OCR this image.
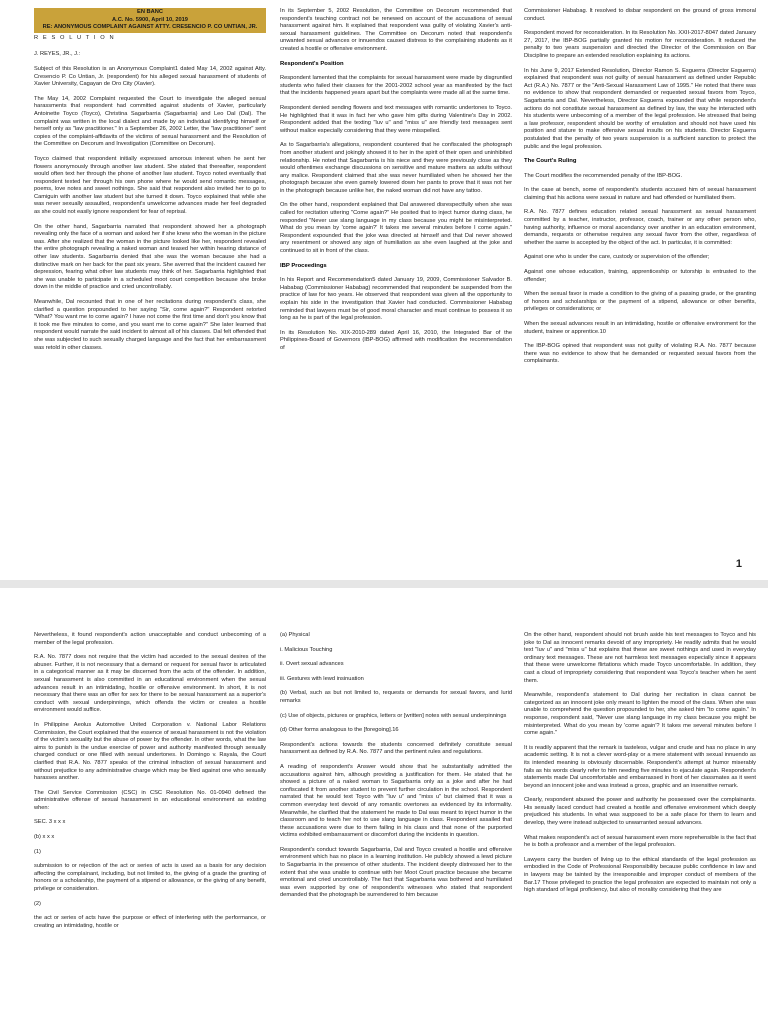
EN BANC
A.C. No. 5900, April 10, 2019
RE: ANONYMOUS COMPLAINT AGAINST ATTY. CRESENCIO P. CO UNTIAN, JR.
R E S O L U T I O N

J. REYES, JR., J.:

Subject of this Resolution is an Anonymous Complaint1 dated May 14, 2002 against Atty. Cresencio P. Co Untian, Jr. (respondent) for his alleged sexual harassment of students of Xavier University, Cagayan de Oro City (Xavier).

The May 14, 2002 Complaint requested the Court to investigate the alleged sexual harassments that respondent had committed against students of Xavier, particularly Antoinette Toyco (Toyco), Christina Sagarbarria (Sagarbarria) and Leo Dal (Dal). The complaint was written in the local dialect and made by an individual identifying himself or herself only as "law practitioner." In a September 26, 2002 Letter, the "law practitioner" sent copies of the complaint-affidavits of the victims of sexual harassment and the Resolution of the Committee on Decorum and Investigation (Committee on Decorum).

Toyco claimed that respondent initially expressed amorous interest when he sent her flowers anonymously through another law student. She stated that thereafter, respondent would often text her through the phone of another law student. Toyco noted eventually that respondent texted her through his own phone where he would send romantic messages, poems, love notes and sweet nothings. She said that respondent also invited her to go to Camiguin with another law student but she turned it down. Toyco explained that while she was never sexually assaulted, respondent's unwelcome advances made her feel degraded as she could not easily ignore respondent for fear of reprisal.

On the other hand, Sagarbarria narrated that respondent showed her a photograph revealing only the face of a woman and asked her if she knew who the woman in the picture was. After she realized that the woman in the picture looked like her, respondent revealed the entire photograph revealing a naked woman and teased her within hearing distance of other law students. Sagarbarria denied that she was the woman because she had a distinctive mark on her back for the past six years. She averred that the incident caused her depression, fearing what other law students may think of her. Sagarbarria highlighted that she was unable to participate in a scheduled moot court competition because she broke down in the middle of practice and cried uncontrollably.

Meanwhile, Dal recounted that in one of her recitations during respondent's class, she clarified a question propounded to her saying "Sir, come again?" Respondent retorted "What? You want me to come again? I have not come the first time and don't you know that it took me five minutes to come, and you want me to come again?" She later learned that respondent would narrate the said incident to almost all of his classes. Dal felt offended that she was subjected to such sexually charged language and the fact that her embarrassment was retold in other classes.

In its September 5, 2002 Resolution, the Committee on Decorum recommended that respondent's teaching contract not be renewed on account of the accusations of sexual harassment against him. It explained that respondent was guilty of violating Xavier's anti-sexual harassment guidelines. The Committee on Decorum noted that respondent's unwanted sexual advances or innuendos caused distress to the complaining students as it created a hostile or offensive environment.

Respondent's Position

Respondent lamented that the complaints for sexual harassment were made by disgruntled students who failed their classes for the 2001-2002 school year as manifested by the fact that the incidents happened years apart but the complaints were made all at the same time.

Respondent denied sending flowers and text messages with romantic undertones to Toyco. He highlighted that it was in fact her who gave him gifts during Valentine's Day in 2002. Respondent added that the texting "luv u" and "miss u" are friendly text messages sent without malice especially considering that they were misspelled.

As to Sagarbarria's allegations, respondent countered that he confiscated the photograph from another student and jokingly showed it to her in the spirit of their open and uninhibited relationship. He noted that Sagarbarria is his niece and they were previously close as they would oftentimes exchange discussions on sensitive and mature matters as adults without any malice. Respondent claimed that she was never humiliated when he showed her the photograph because she even gamely lowered down her pants to prove that it was not her in the photograph because unlike her, the naked woman did not have any tattoo.

On the other hand, respondent explained that Dal answered disrespectfully when she was called for recitation uttering "Come again?" He posited that to inject humor during class, he responded "Never use slang language in my class because you might be misinterpreted. What do you mean by 'come again?' It takes me several minutes before I come again." Respondent expounded that the joke was directed at himself and that Dal never showed any resentment or showed any sign of humiliation as she even laughed at the joke and continued to sit in front of the class.

IBP Proceedings

In his Report and Recommendation5 dated January 19, 2009, Commissioner Salvador B. Hababag (Commissioner Hababag) recommended that respondent be suspended from the practice of law for two years. He observed that respondent was given all the opportunity to explain his side in the investigation that Xavier had conducted. Commissioner Hababag reminded that lawyers must be of good moral character and must continue to possess it so long as he is part of the legal profession.

In its Resolution No. XIX-2010-289 dated April 16, 2010, the Integrated Bar of the Philippines-Board of Governors (IBP-BOG) affirmed with modification the recommendation of

Commissioner Hababag. It resolved to disbar respondent on the ground of gross immoral conduct.

Respondent moved for reconsideration. In its Resolution No. XXII-2017-8047 dated January 27, 2017, the IBP-BOG partially granted his motion for reconsideration. It reduced the penalty to two years suspension and directed the Director of the Commission on Bar Discipline to prepare an extended resolution explaining its actions.

In his June 9, 2017 Extended Resolution, Director Ramon S. Esguerra (Director Esguerra) explained that respondent was not guilty of sexual harassment as defined under Republic Act (R.A.) No. 7877 or the "Anti-Sexual Harassment Law of 1995." He noted that there was no evidence to show that respondent demanded or requested sexual favors from Toyco, Sagarbarria and Dal. Nevertheless, Director Esguerra expounded that while respondent's actions do not constitute sexual harassment as defined by law, the way he interacted with his students were unbecoming of a member of the legal profession. He stressed that being a law professor, respondent should be worthy of emulation and should not have used his position and stature to make offensive sexual insults on his students. Director Esguerra postulated that the penalty of two years suspension is a sufficient sanction to protect the public and the legal profession.

The Court's Ruling

The Court modifies the recommended penalty of the IBP-BOG.

In the case at bench, some of respondent's students accused him of sexual harassment claiming that his actions were sexual in nature and had offended or humiliated them.

R.A. No. 7877 defines education related sexual harassment as sexual harassment committed by a teacher, instructor, professor, coach, trainer or any other person who, having authority, influence or moral ascendancy over another in an education environment, demands, requests or otherwise requires any sexual favor from the other, regardless of whether the same is accepted by the object of the act. In particular, it is committed:

Against one who is under the care, custody or supervision of the offender;

Against one whose education, training, apprenticeship or tutorship is entrusted to the offender;

When the sexual favor is made a condition to the giving of a passing grade, or the granting of honors and scholarships or the payment of a stipend, allowance or other benefits, privileges or considerations; or

When the sexual advances result in an intimidating, hostile or offensive environment for the student, trainee or apprentice.10

The IBP-BOG opined that respondent was not guilty of violating R.A. No. 7877 because there was no evidence to show that he demanded or requested sexual favors from the complainants.

1

Nevertheless, it found respondent's action unacceptable and conduct unbecoming of a member of the legal profession.

R.A. No. 7877 does not require that the victim had acceded to the sexual desires of the abuser. Further, it is not necessary that a demand or request for sexual favor is articulated in a categorical manner as it may be discerned from the acts of the offender. In addition, sexual harassment is also committed in an educational environment when the sexual advances result in an intimidating, hostile or offensive environment. In short, it is not necessary that there was an offer for sex for there to be sexual harassment as a superior's conduct with sexual underpinnings, which offends the victim or creates a hostile environment would suffice.

In Philippine Aeolus Automotive United Corporation v. National Labor Relations Commission, the Court explained that the essence of sexual harassment is not the violation of the victim's sexuality but the abuse of power by the offender. In other words, what the law aims to punish is the undue exercise of power and authority manifested through sexually charged conduct or one filled with sexual undertones. In Domingo v. Rayala, the Court clarified that R.A. No. 7877 speaks of the criminal infraction of sexual harassment and without prejudice to any administrative charge which may be filed against one who sexually harasses another.

The Civil Service Commission (CSC) in CSC Resolution No. 01-0940 defined the administrative offense of sexual harassment in an educational environment as existing when:

SEC. 3 x x x

(b) x x x

(1)

submission to or rejection of the act or series of acts is used as a basis for any decision affecting the complainant, including, but not limited to, the giving of a grade the granting of honors or a scholarship, the payment of a stipend or allowance, or the giving of any benefit, privilege or consideration.

(2)

the act or series of acts have the purpose or effect of interfering with the performance, or creating an intimidating, hostile or

(a) Physical

i. Malicious Touching

ii. Overt sexual advances

iii. Gestures with lewd insinuation

(b) Verbal, such as but not limited to, requests or demands for sexual favors, and lurid remarks

(c) Use of objects, pictures or graphics, letters or [written] notes with sexual underpinnings

(d) Other forms analogous to the [foregoing].16

Respondent's actions towards the students concerned definitely constitute sexual harassment as defined by R.A. No. 7877 and the pertinent rules and regulations.

A reading of respondent's Answer would show that he substantially admitted the accusations against him, although providing a justification for them. He stated that he showed a picture of a naked woman to Sagarbarria only as a joke and after he had confiscated it from another student to prevent further circulation in the school. Respondent narrated that he would text Toyco with "luv u" and "miss u" but claimed that it was a common everyday text devoid of any romantic overtones as evidenced by its informality. Meanwhile, he clarified that the statement he made to Dal was meant to inject humor in the classroom and to teach her not to use slang language in class. Respondent assailed that these accusations were due to them failing in his class and that none of the purported victims exhibited embarrassment or discomfort during the incidents in question.

Respondent's conduct towards Sagarbarria, Dal and Toyco created a hostile and offensive environment which has no place in a learning institution. He publicly showed a lewd picture to Sagarbarria in the presence of other students. The incident deeply distressed her to the extent that she was unable to continue with her Moot Court practice because she became emotional and cried uncontrollably. The fact that Sagarbarria was bothered and humiliated was even supported by one of respondent's witnesses who stated that respondent demanded that the photograph be surrendered to him because

On the other hand, respondent should not brush aside his text messages to Toyco and his joke to Dal as innocent remarks devoid of any impropriety. He readily admits that he would text "luv u" and "miss u" but explains that these are sweet nothings and used in everyday ordinary text messages. These are not harmless text messages especially since it appears that these were unwelcome flirtations which made Toyco uncomfortable. In addition, they cast a cloud of impropriety considering that respondent was Toyco's teacher when he sent them.

Meanwhile, respondent's statement to Dal during her recitation in class cannot be categorized as an innocent joke only meant to lighten the mood of the class. When she was unable to comprehend the question propounded to her, she asked him "to come again." In response, respondent said, "Never use slang language in my class because you might be misinterpreted. What do you mean by 'come again'? It takes me several minutes before I come again."

It is readily apparent that the remark is tasteless, vulgar and crude and has no place in any academic setting. It is not a clever word-play or a mere statement with sexual innuendo as its intended meaning is obviously discernable. Respondent's attempt at humor miserably fails as his words clearly refer to him needing five minutes to ejaculate again. Respondent's statements made Dal uncomfortable and embarrassed in front of her classmates as it went beyond an innocent joke and was instead a gross, graphic and an insensitive remark.

Clearly, respondent abused the power and authority he possessed over the complainants. His sexually laced conduct had created a hostile and offensive environment which deeply prejudiced his students. In what was supposed to be a safe place for them to learn and develop, they were instead subjected to unwarranted sexual advances.

What makes respondent's act of sexual harassment even more reprehensible is the fact that he is both a professor and a member of the legal profession.

Lawyers carry the burden of living up to the ethical standards of the legal profession as embodied in the Code of Professional Responsibility because public confidence in law and in lawyers may be tainted by the irresponsible and improper conduct of members of the Bar.17 Those privileged to practice the legal profession are expected to maintain not only a high standard of legal proficiency, but also of morality considering that they are
